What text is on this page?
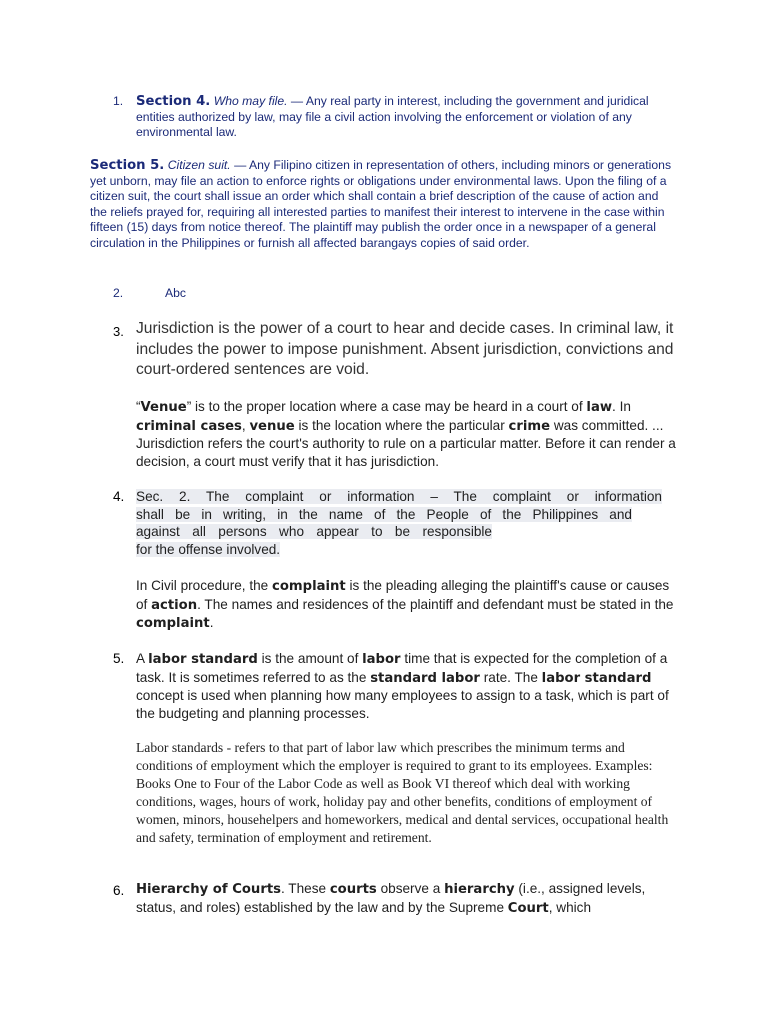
1. Section 4. Who may file. — Any real party in interest, including the government and juridical entities authorized by law, may file a civil action involving the enforcement or violation of any environmental law.

Section 5. Citizen suit. — Any Filipino citizen in representation of others, including minors or generations yet unborn, may file an action to enforce rights or obligations under environmental laws. Upon the filing of a citizen suit, the court shall issue an order which shall contain a brief description of the cause of action and the reliefs prayed for, requiring all interested parties to manifest their interest to intervene in the case within fifteen (15) days from notice thereof. The plaintiff may publish the order once in a newspaper of a general circulation in the Philippines or furnish all affected barangays copies of said order.

2.	Abc
3. Jurisdiction is the power of a court to hear and decide cases. In criminal law, it includes the power to impose punishment. Absent jurisdiction, convictions and court-ordered sentences are void.

“Venue” is to the proper location where a case may be heard in a court of law. In criminal cases, venue is the location where the particular crime was committed. ... Jurisdiction refers the court's authority to rule on a particular matter. Before it can render a decision, a court must verify that it has jurisdiction.

4. Sec. 2. The complaint or information – The complaint or information
shall be in writing, in the name of the People of the Philippines and
against all persons who appear to be responsible
for the offense involved.

In Civil procedure, the complaint is the pleading alleging the plaintiff's cause or causes of action. The names and residences of the plaintiff and defendant must be stated in the complaint.

5. A labor standard is the amount of labor time that is expected for the completion of a task. It is sometimes referred to as the standard labor rate. The labor standard concept is used when planning how many employees to assign to a task, which is part of the budgeting and planning processes.

Labor standards - refers to that part of labor law which prescribes the minimum terms and conditions of employment which the employer is required to grant to its employees. Examples: Books One to Four of the Labor Code as well as Book VI thereof which deal with working conditions, wages, hours of work, holiday pay and other benefits, conditions of employment of women, minors, househelpers and homeworkers, medical and dental services, occupational health and safety, termination of employment and retirement.

6. Hierarchy of Courts. These courts observe a hierarchy (i.e., assigned levels, status, and roles) established by the law and by the Supreme Court, which
